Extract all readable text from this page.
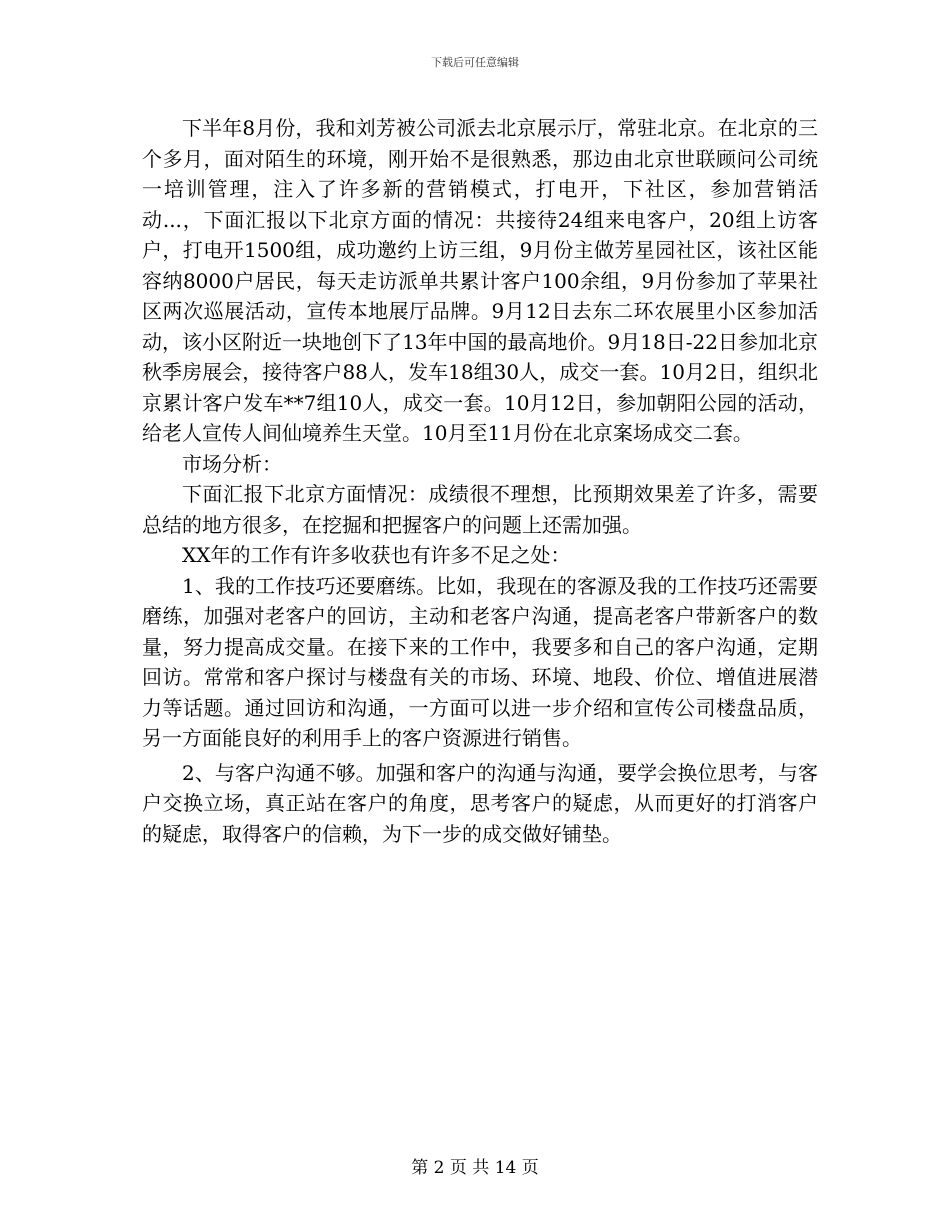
下载后可任意编辑

下半年8月份，我和刘芳被公司派去北京展示厅，常驻北京。在北京的三个多月，面对陌生的环境，刚开始不是很熟悉，那边由北京世联顾问公司统一培训管理，注入了许多新的营销模式，打电开，下社区，参加营销活动...，下面汇报以下北京方面的情况：共接待24组来电客户，20组上访客户，打电开1500组，成功邀约上访三组，9月份主做芳星园社区，该社区能容纳8000户居民，每天走访派单共累计客户100余组，9月份参加了苹果社区两次巡展活动，宣传本地展厅品牌。9月12日去东二环农展里小区参加活动，该小区附近一块地创下了13年中国的最高地价。9月18日-22日参加北京秋季房展会，接待客户88人，发车18组30人，成交一套。10月2日，组织北京累计客户发车**7组10人，成交一套。10月12日，参加朝阳公园的活动，给老人宣传人间仙境养生天堂。10月至11月份在北京案场成交二套。

市场分析：

下面汇报下北京方面情况：成绩很不理想，比预期效果差了许多，需要总结的地方很多，在挖掘和把握客户的问题上还需加强。

XX年的工作有许多收获也有许多不足之处：

1、我的工作技巧还要磨练。比如，我现在的客源及我的工作技巧还需要磨练，加强对老客户的回访，主动和老客户沟通，提高老客户带新客户的数量，努力提高成交量。在接下来的工作中，我要多和自己的客户沟通，定期回访。常常和客户探讨与楼盘有关的市场、环境、地段、价位、增值进展潜力等话题。通过回访和沟通，一方面可以进一步介绍和宣传公司楼盘品质，另一方面能良好的利用手上的客户资源进行销售。

2、与客户沟通不够。加强和客户的沟通与沟通，要学会换位思考，与客户交换立场，真正站在客户的角度，思考客户的疑虑，从而更好的打消客户的疑虑，取得客户的信赖，为下一步的成交做好铺垫。

第 2 页 共 14 页
